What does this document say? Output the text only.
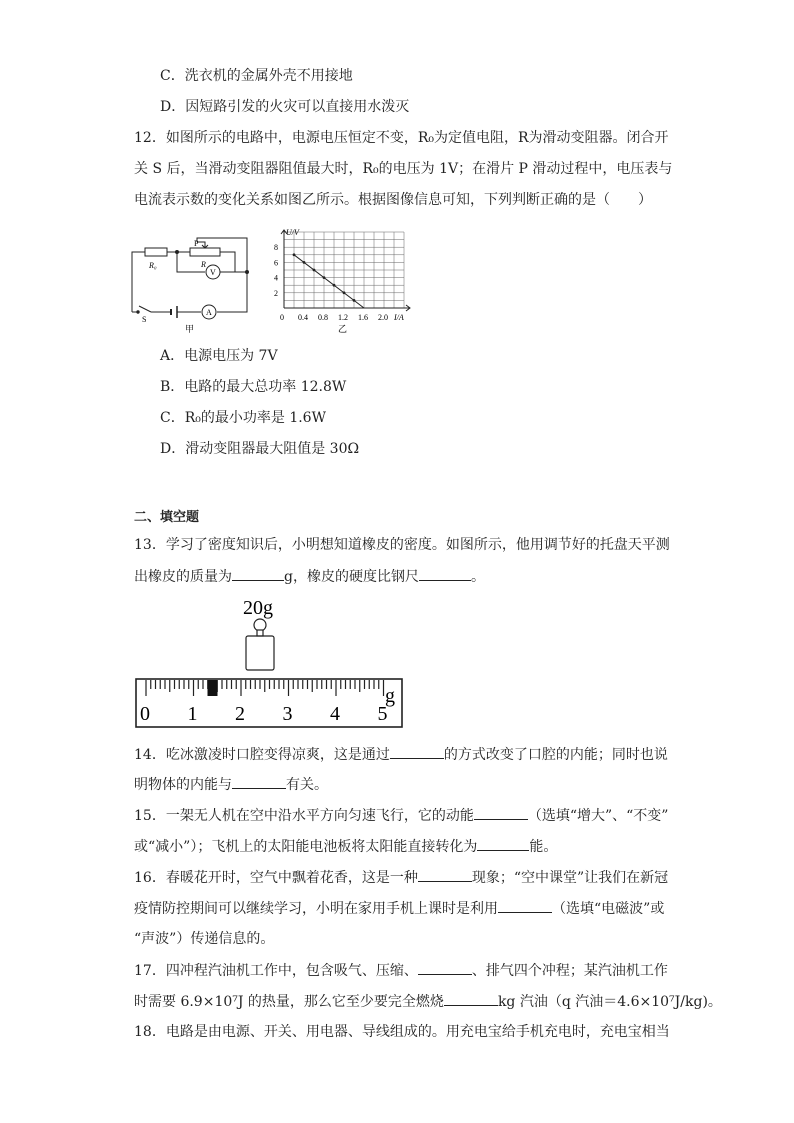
C．洗衣机的金属外壳不用接地
D．因短路引发的火灾可以直接用水泼灭
12．如图所示的电路中，电源电压恒定不变，R₀为定值电阻，R为滑动变阻器。闭合开
关 S 后，当滑动变阻器阻值最大时，R₀的电压为 1V；在滑片 P 滑动过程中，电压表与
电流表示数的变化关系如图乙所示。根据图像信息可知，下列判断正确的是（　　）
R₀	R
P
S
V
A
甲
U/V
I/A
0 0.4 0.8 1.2 1.6 2.0
2
4
6
8
乙
A．电源电压为 7V
B．电路的最大总功率 12.8W
C．R₀的最小功率是 1.6W
D．滑动变阻器最大阻值是 30Ω
二、填空题
13．学习了密度知识后，小明想知道橡皮的密度。如图所示，他用调节好的托盘天平测
出橡皮的质量为	g，橡皮的硬度比钢尺	。
20g
0 1 2 3 4 5
g
14．吃冰激凌时口腔变得凉爽，这是通过	的方式改变了口腔的内能；同时也说
明物体的内能与	有关。
15．一架无人机在空中沿水平方向匀速飞行，它的动能	（选填“增大”、“不变”
或“减小”）；飞机上的太阳能电池板将太阳能直接转化为	能。
16．春暖花开时，空气中飘着花香，这是一种	现象；“空中课堂”让我们在新冠
疫情防控期间可以继续学习，小明在家用手机上课时是利用	（选填“电磁波”或
“声波”）传递信息的。
17．四冲程汽油机工作中，包含吸气、压缩、	、排气四个冲程；某汽油机工作
时需要 6.9×10⁷J 的热量，那么它至少要完全燃烧	kg 汽油（q 汽油＝4.6×10⁷J/kg)。
18．电路是由电源、开关、用电器、导线组成的。用充电宝给手机充电时，充电宝相当
